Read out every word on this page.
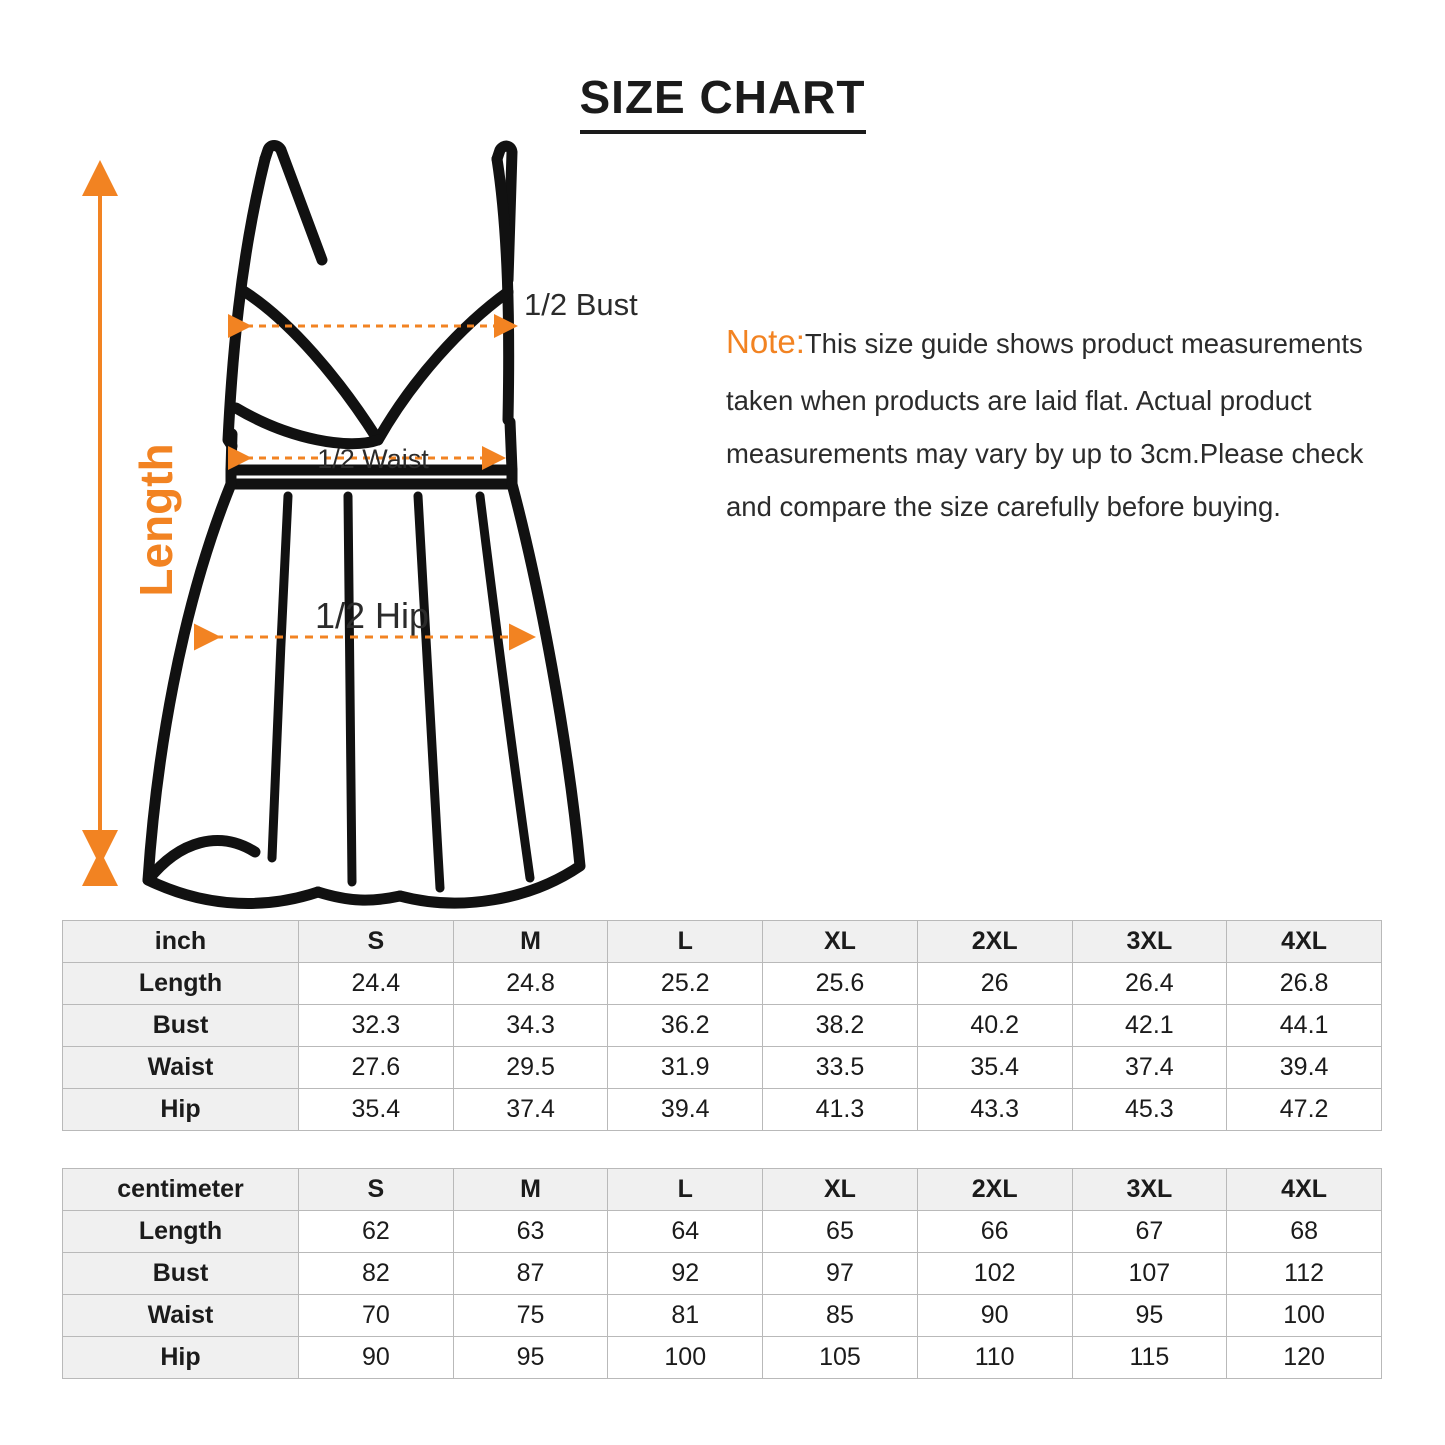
SIZE CHART
Length
1/2 Bust
1/2 Waist
1/2 Hip
Note:This size guide shows product measurements taken when products are laid flat. Actual product measurements may vary by up to 3cm.Please check and compare the size carefully before buying.
inch	S	M	L	XL	2XL	3XL	4XL
Length	24.4	24.8	25.2	25.6	26	26.4	26.8
Bust	32.3	34.3	36.2	38.2	40.2	42.1	44.1
Waist	27.6	29.5	31.9	33.5	35.4	37.4	39.4
Hip	35.4	37.4	39.4	41.3	43.3	45.3	47.2
centimeter	S	M	L	XL	2XL	3XL	4XL
Length	62	63	64	65	66	67	68
Bust	82	87	92	97	102	107	112
Waist	70	75	81	85	90	95	100
Hip	90	95	100	105	110	115	120
